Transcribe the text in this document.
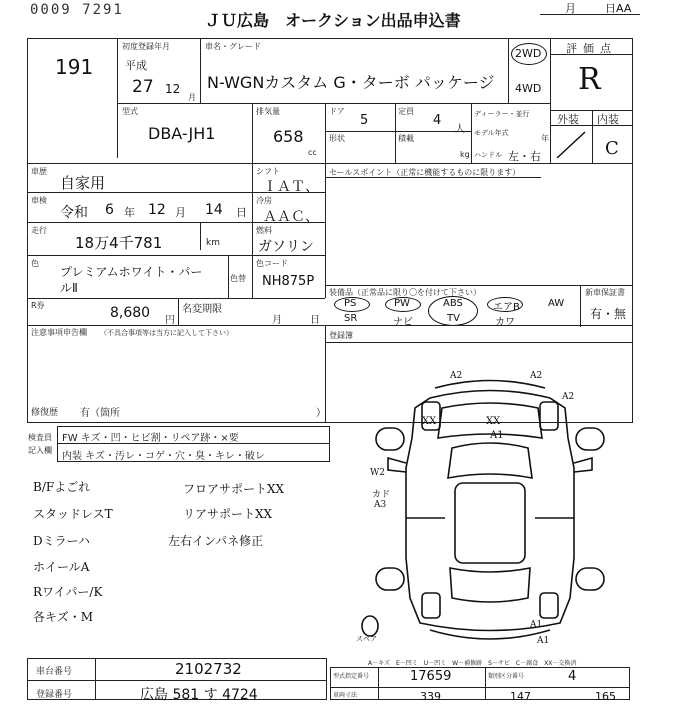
0009 7291
ＪＵ広島　オークション出品申込書
月	日AA
191
初度登録年月
平成
27 12
月
車名・グレード
N-WGNカスタム G・ターボ パッケージ
2WD
4WD
評価点
R
外装 内装
C
型式
DBA-JH1
排気量
658
cc
ドア
5
定員
4
人
形状	積載
kg
ディーラー・並行
モデル年式
年
ハンドル 左・右
車歴
自家用
シフト
ＩＡＴ、
セールスポイント（正常に機能するものに限ります）
車検
令和 6 年 12 月 14 日
冷房
ＡＡＣ、
走行
18万4千781	km
燃料
ガソリン
色
プレミアムホワイト・パー
ルⅡ
色替
色コード
NH875P
装備品（正常品に限り〇を付けて下さい）	新車保証書
有・無
PS	PW	ABS	エアB	AW
SR	ナビ	TV	カワ
R券	8,680 円
名変期限
月	日
注意事項申告欄 （不具合事項等は当方に記入して下さい）	登録簿
修復歴 有（箇所	）
検査員
記入欄
FW キズ・凹・ヒビ割・リペア跡・×要
内装 キズ・汚レ・コゲ・穴・臭・キレ・破レ
B/Fよごれ
スタッドレスT
Dミラーハ
ホイールA
Rワイパー/K
各キズ・M
フロアサポートXX
リアサポートXX
左右インパネ修正
A2	A2
A2
XX	XX
A1
W2
カド
A3
A1
A1
スペア
A－キズ　E－凹ミ　U－凹ミ　W－補修跡　S－サビ　C－腐食　XX－交換済
車台番号	2102732
登録番号	広島 581 す 4724
型式指定番号	17659	類別区分番号	4
車両寸法	339	147	165
